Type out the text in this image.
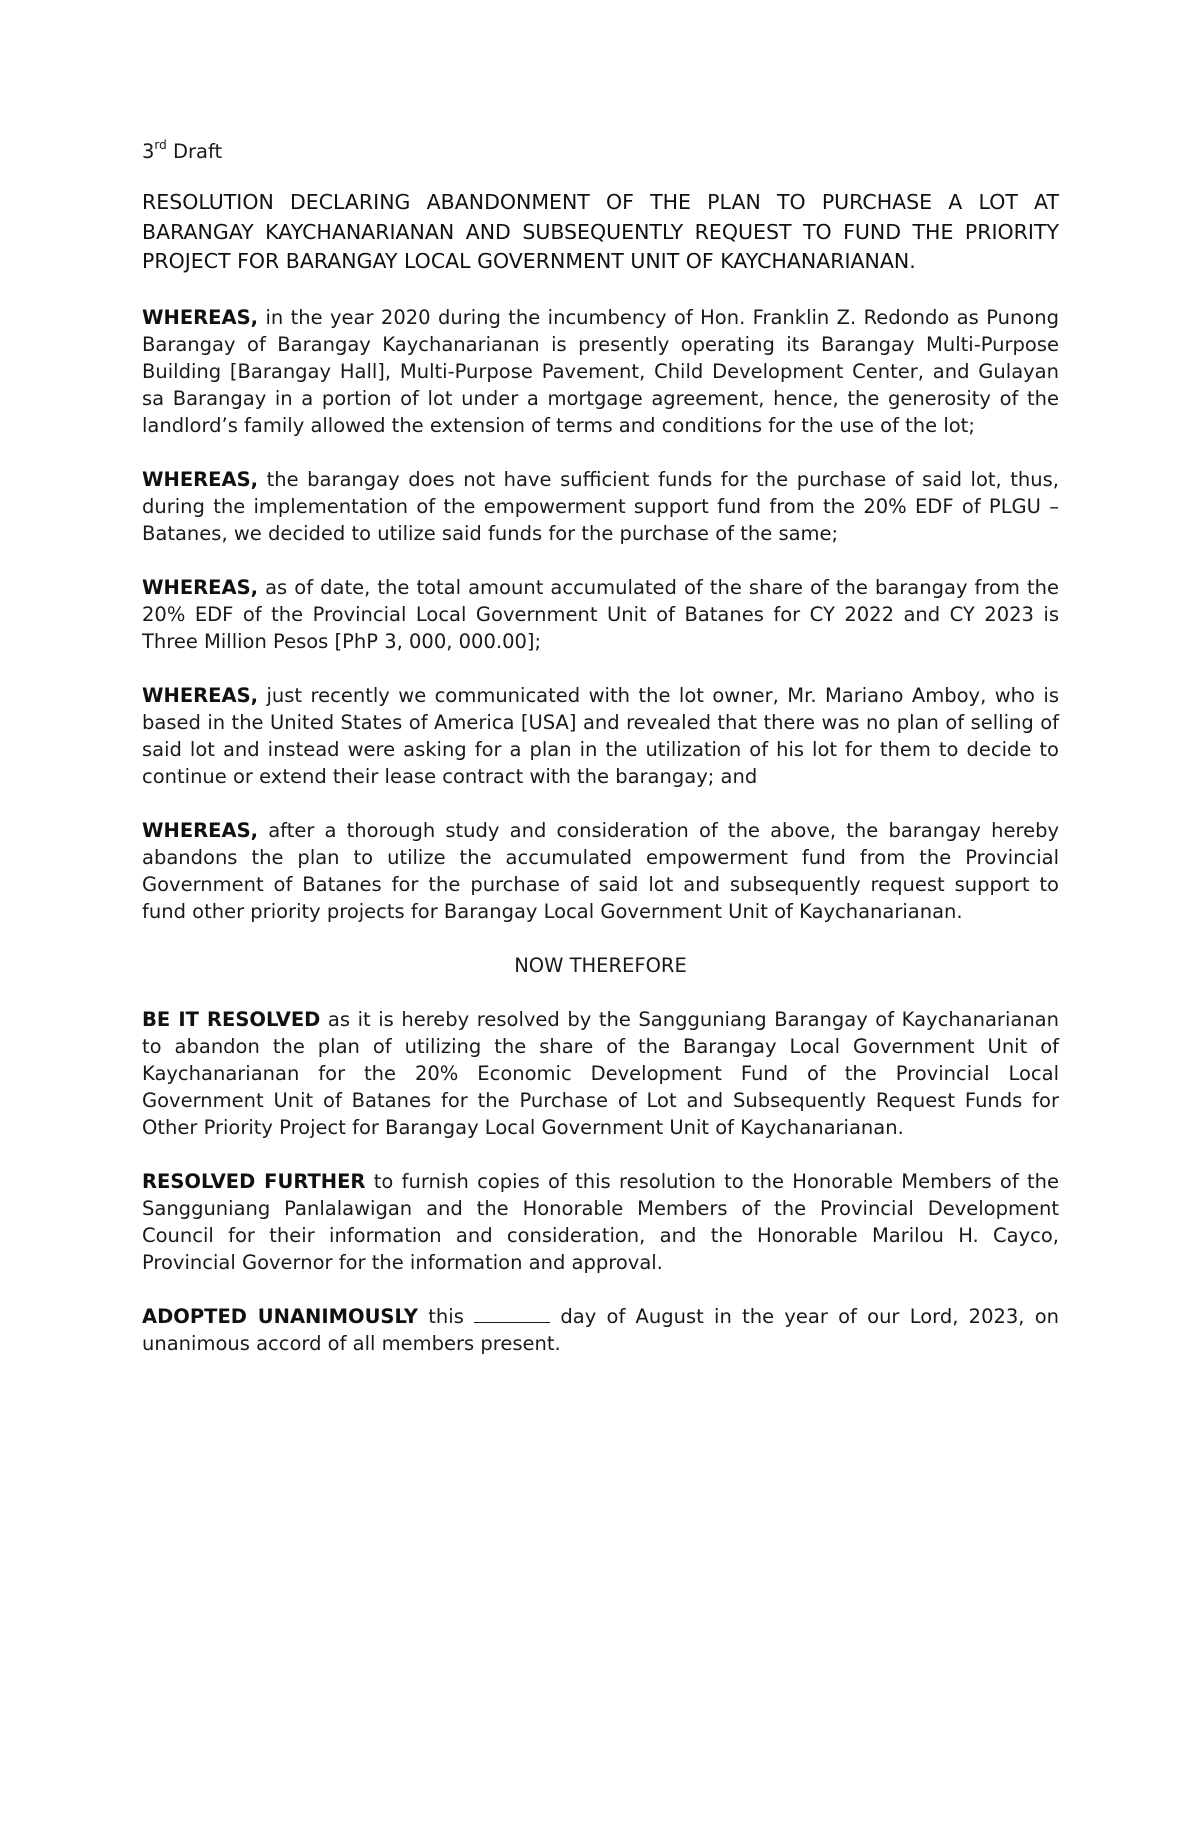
3rd Draft

RESOLUTION DECLARING ABANDONMENT OF THE PLAN TO PURCHASE A LOT AT BARANGAY KAYCHANARIANAN AND SUBSEQUENTLY REQUEST TO FUND THE PRIORITY PROJECT FOR BARANGAY LOCAL GOVERNMENT UNIT OF KAYCHANARIANAN.

WHEREAS, in the year 2020 during the incumbency of Hon. Franklin Z. Redondo as Punong Barangay of Barangay Kaychanarianan is presently operating its Barangay Multi-Purpose Building [Barangay Hall], Multi-Purpose Pavement, Child Development Center, and Gulayan sa Barangay in a portion of lot under a mortgage agreement, hence, the generosity of the landlord’s family allowed the extension of terms and conditions for the use of the lot;

WHEREAS, the barangay does not have sufficient funds for the purchase of said lot, thus, during the implementation of the empowerment support fund from the 20% EDF of PLGU – Batanes, we decided to utilize said funds for the purchase of the same;

WHEREAS, as of date, the total amount accumulated of the share of the barangay from the 20% EDF of the Provincial Local Government Unit of Batanes for CY 2022 and CY 2023 is Three Million Pesos [PhP 3, 000, 000.00];

WHEREAS, just recently we communicated with the lot owner, Mr. Mariano Amboy, who is based in the United States of America [USA] and revealed that there was no plan of selling of said lot and instead were asking for a plan in the utilization of his lot for them to decide to continue or extend their lease contract with the barangay; and

WHEREAS, after a thorough study and consideration of the above, the barangay hereby abandons the plan to utilize the accumulated empowerment fund from the Provincial Government of Batanes for the purchase of said lot and subsequently request support to fund other priority projects for Barangay Local Government Unit of Kaychanarianan.

NOW THEREFORE

BE IT RESOLVED as it is hereby resolved by the Sangguniang Barangay of Kaychanarianan to abandon the plan of utilizing the share of the Barangay Local Government Unit of Kaychanarianan for the 20% Economic Development Fund of the Provincial Local Government Unit of Batanes for the Purchase of Lot and Subsequently Request Funds for Other Priority Project for Barangay Local Government Unit of Kaychanarianan.

RESOLVED FURTHER to furnish copies of this resolution to the Honorable Members of the Sangguniang Panlalawigan and the Honorable Members of the Provincial Development Council for their information and consideration, and the Honorable Marilou H. Cayco, Provincial Governor for the information and approval.

ADOPTED UNANIMOUSLY this	day of August in the year of our Lord, 2023, on unanimous accord of all members present.
